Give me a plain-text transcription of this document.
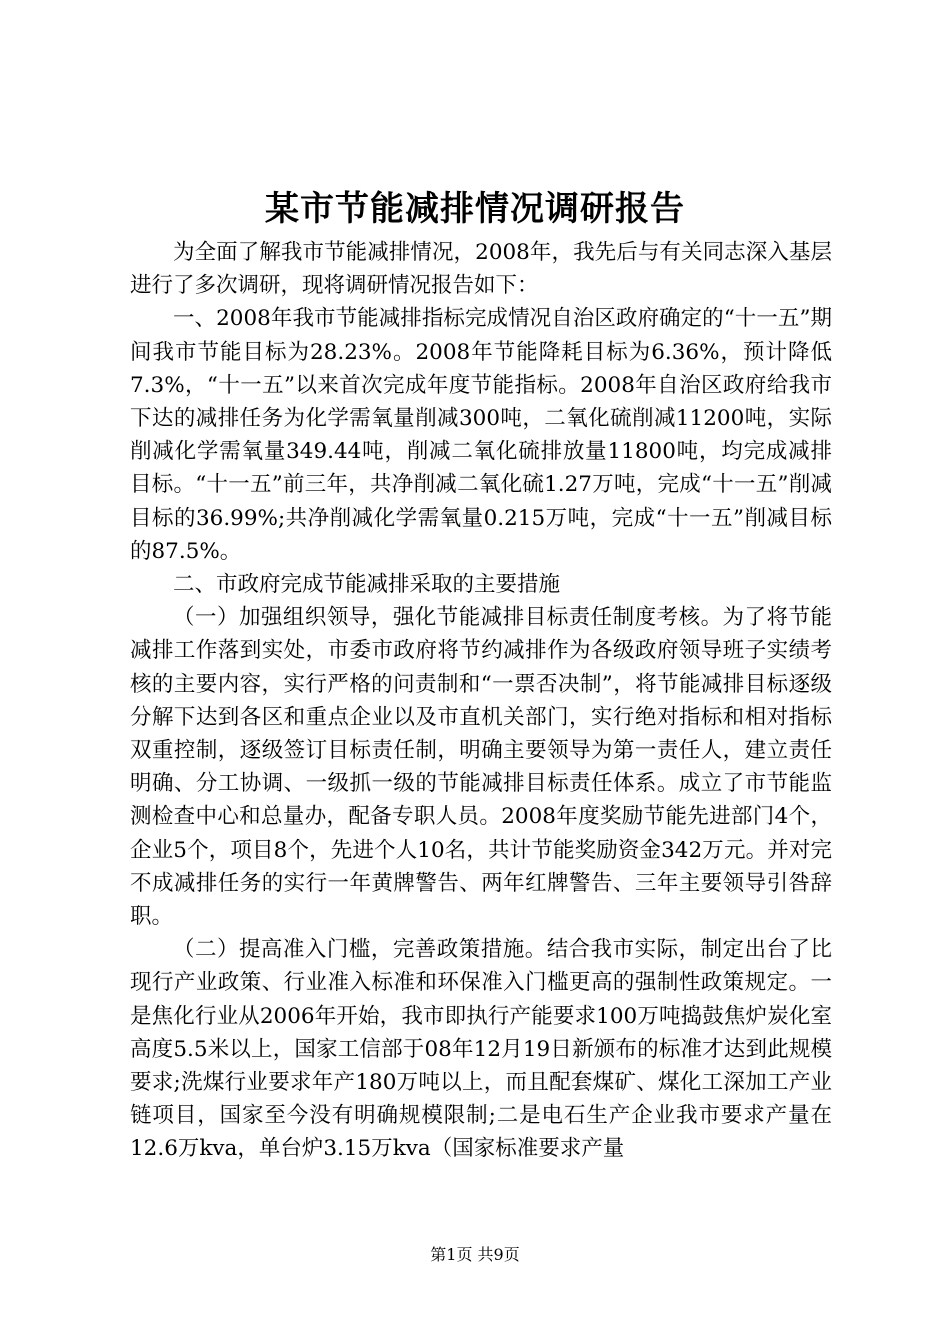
某市节能减排情况调研报告

为全面了解我市节能减排情况，2008年，我先后与有关同志深入基层进行了多次调研，现将调研情况报告如下：

一、2008年我市节能减排指标完成情况自治区政府确定的“十一五”期间我市节能目标为28.23%。2008年节能降耗目标为6.36%，预计降低7.3%，“十一五”以来首次完成年度节能指标。2008年自治区政府给我市下达的减排任务为化学需氧量削减300吨，二氧化硫削减11200吨，实际削减化学需氧量349.44吨，削减二氧化硫排放量11800吨，均完成减排目标。“十一五”前三年，共净削减二氧化硫1.27万吨，完成“十一五”削减目标的36.99%;共净削减化学需氧量0.215万吨，完成“十一五”削减目标的87.5%。

二、市政府完成节能减排采取的主要措施

（一）加强组织领导，强化节能减排目标责任制度考核。为了将节能减排工作落到实处，市委市政府将节约减排作为各级政府领导班子实绩考核的主要内容，实行严格的问责制和“一票否决制”，将节能减排目标逐级分解下达到各区和重点企业以及市直机关部门，实行绝对指标和相对指标双重控制，逐级签订目标责任制，明确主要领导为第一责任人，建立责任明确、分工协调、一级抓一级的节能减排目标责任体系。成立了市节能监测检查中心和总量办，配备专职人员。2008年度奖励节能先进部门4个，企业5个，项目8个，先进个人10名，共计节能奖励资金342万元。并对完不成减排任务的实行一年黄牌警告、两年红牌警告、三年主要领导引咎辞职。

（二）提高准入门槛，完善政策措施。结合我市实际，制定出台了比现行产业政策、行业准入标准和环保准入门槛更高的强制性政策规定。一是焦化行业从2006年开始，我市即执行产能要求100万吨捣鼓焦炉炭化室高度5.5米以上，国家工信部于08年12月19日新颁布的标准才达到此规模要求;洗煤行业要求年产180万吨以上，而且配套煤矿、煤化工深加工产业链项目，国家至今没有明确规模限制;二是电石生产企业我市要求产量在12.6万kva，单台炉3.15万kva（国家标准要求产量

第1页 共9页
